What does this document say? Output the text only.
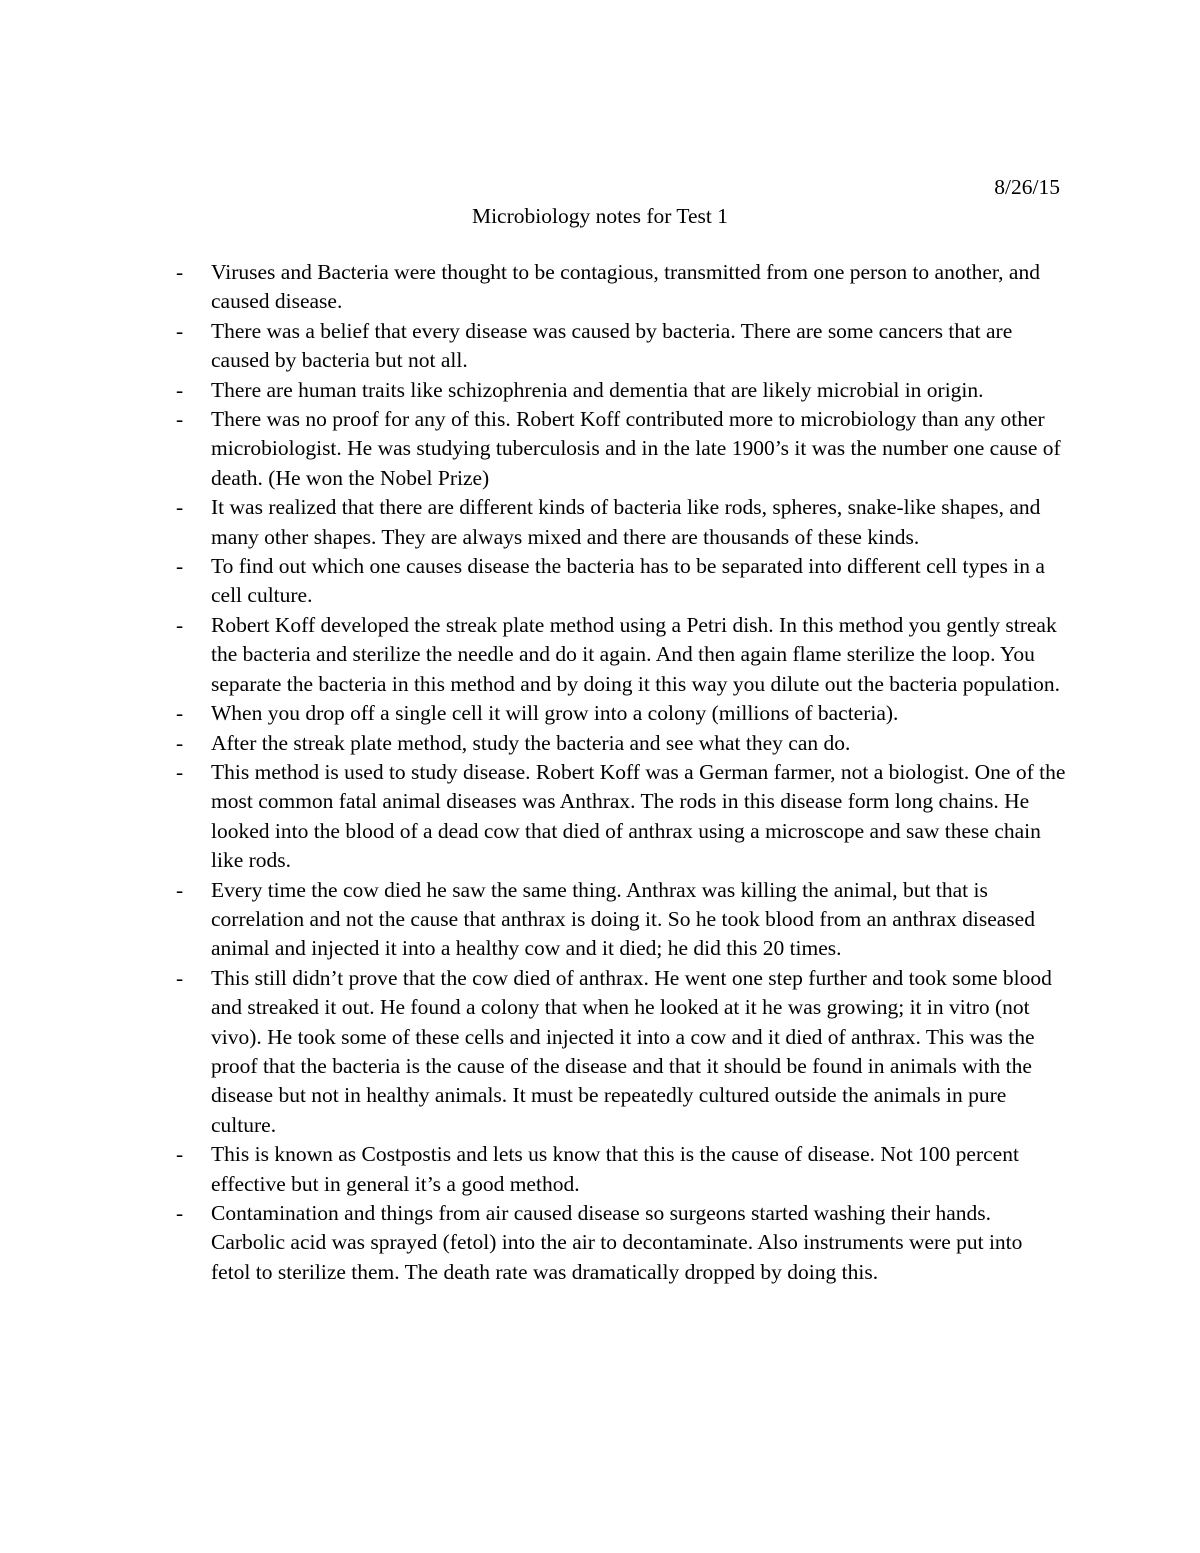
8/26/15
Microbiology notes for Test 1
- Viruses and Bacteria were thought to be contagious, transmitted from one person to another, and caused disease.
- There was a belief that every disease was caused by bacteria. There are some cancers that are caused by bacteria but not all.
- There are human traits like schizophrenia and dementia that are likely microbial in origin.
- There was no proof for any of this. Robert Koff contributed more to microbiology than any other microbiologist. He was studying tuberculosis and in the late 1900’s it was the number one cause of death. (He won the Nobel Prize)
- It was realized that there are different kinds of bacteria like rods, spheres, snake-like shapes, and many other shapes. They are always mixed and there are thousands of these kinds.
- To find out which one causes disease the bacteria has to be separated into different cell types in a cell culture.
- Robert Koff developed the streak plate method using a Petri dish. In this method you gently streak the bacteria and sterilize the needle and do it again. And then again flame sterilize the loop. You separate the bacteria in this method and by doing it this way you dilute out the bacteria population.
- When you drop off a single cell it will grow into a colony (millions of bacteria).
- After the streak plate method, study the bacteria and see what they can do.
- This method is used to study disease. Robert Koff was a German farmer, not a biologist. One of the most common fatal animal diseases was Anthrax. The rods in this disease form long chains. He looked into the blood of a dead cow that died of anthrax using a microscope and saw these chain like rods.
- Every time the cow died he saw the same thing. Anthrax was killing the animal, but that is correlation and not the cause that anthrax is doing it. So he took blood from an anthrax diseased animal and injected it into a healthy cow and it died; he did this 20 times.
- This still didn’t prove that the cow died of anthrax. He went one step further and took some blood and streaked it out. He found a colony that when he looked at it he was growing; it in vitro (not vivo). He took some of these cells and injected it into a cow and it died of anthrax. This was the proof that the bacteria is the cause of the disease and that it should be found in animals with the disease but not in healthy animals. It must be repeatedly cultured outside the animals in pure culture.
- This is known as Costpostis and lets us know that this is the cause of disease. Not 100 percent effective but in general it’s a good method.
- Contamination and things from air caused disease so surgeons started washing their hands. Carbolic acid was sprayed (fetol) into the air to decontaminate. Also instruments were put into fetol to sterilize them. The death rate was dramatically dropped by doing this.
